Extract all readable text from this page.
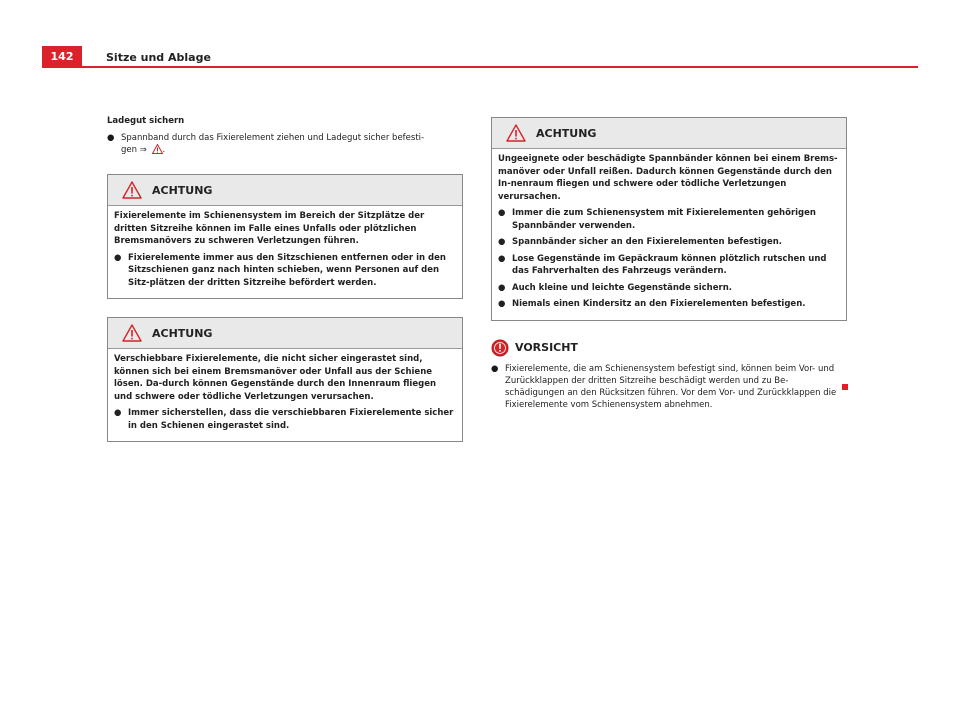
142	Sitze und Ablage
Ladegut sichern
● Spannband durch das Fixierelement ziehen und Ladegut sicher befesti-
gen ⇒ .
ACHTUNG

Fixierelemente im Schienensystem im Bereich der Sitzplätze der dritten Sitzreihe können im Falle eines Unfalls oder plötzlichen Bremsmanövers zu schweren Verletzungen führen.

● Fixierelemente immer aus den Sitzschienen entfernen oder in den Sitzschienen ganz nach hinten schieben, wenn Personen auf den Sitz-plätzen der dritten Sitzreihe befördert werden.
ACHTUNG

Verschiebbare Fixierelemente, die nicht sicher eingerastet sind, können sich bei einem Bremsmanöver oder Unfall aus der Schiene lösen. Da-durch können Gegenstände durch den Innenraum fliegen und schwere oder tödliche Verletzungen verursachen.

● Immer sicherstellen, dass die verschiebbaren Fixierelemente sicher in den Schienen eingerastet sind.
ACHTUNG

Ungeeignete oder beschädigte Spannbänder können bei einem Brems-manöver oder Unfall reißen. Dadurch können Gegenstände durch den In-nenraum fliegen und schwere oder tödliche Verletzungen verursachen.

● Immer die zum Schienensystem mit Fixierelementen gehörigen Spannbänder verwenden.
● Spannbänder sicher an den Fixierelementen befestigen.
● Lose Gegenstände im Gepäckraum können plötzlich rutschen und das Fahrverhalten des Fahrzeugs verändern.
● Auch kleine und leichte Gegenstände sichern.
● Niemals einen Kindersitz an den Fixierelementen befestigen.
VORSICHT
● Fixierelemente, die am Schienensystem befestigt sind, können beim Vor- und Zurückklappen der dritten Sitzreihe beschädigt werden und zu Be-schädigungen an den Rücksitzen führen. Vor dem Vor- und Zurückklappen die Fixierelemente vom Schienensystem abnehmen.
